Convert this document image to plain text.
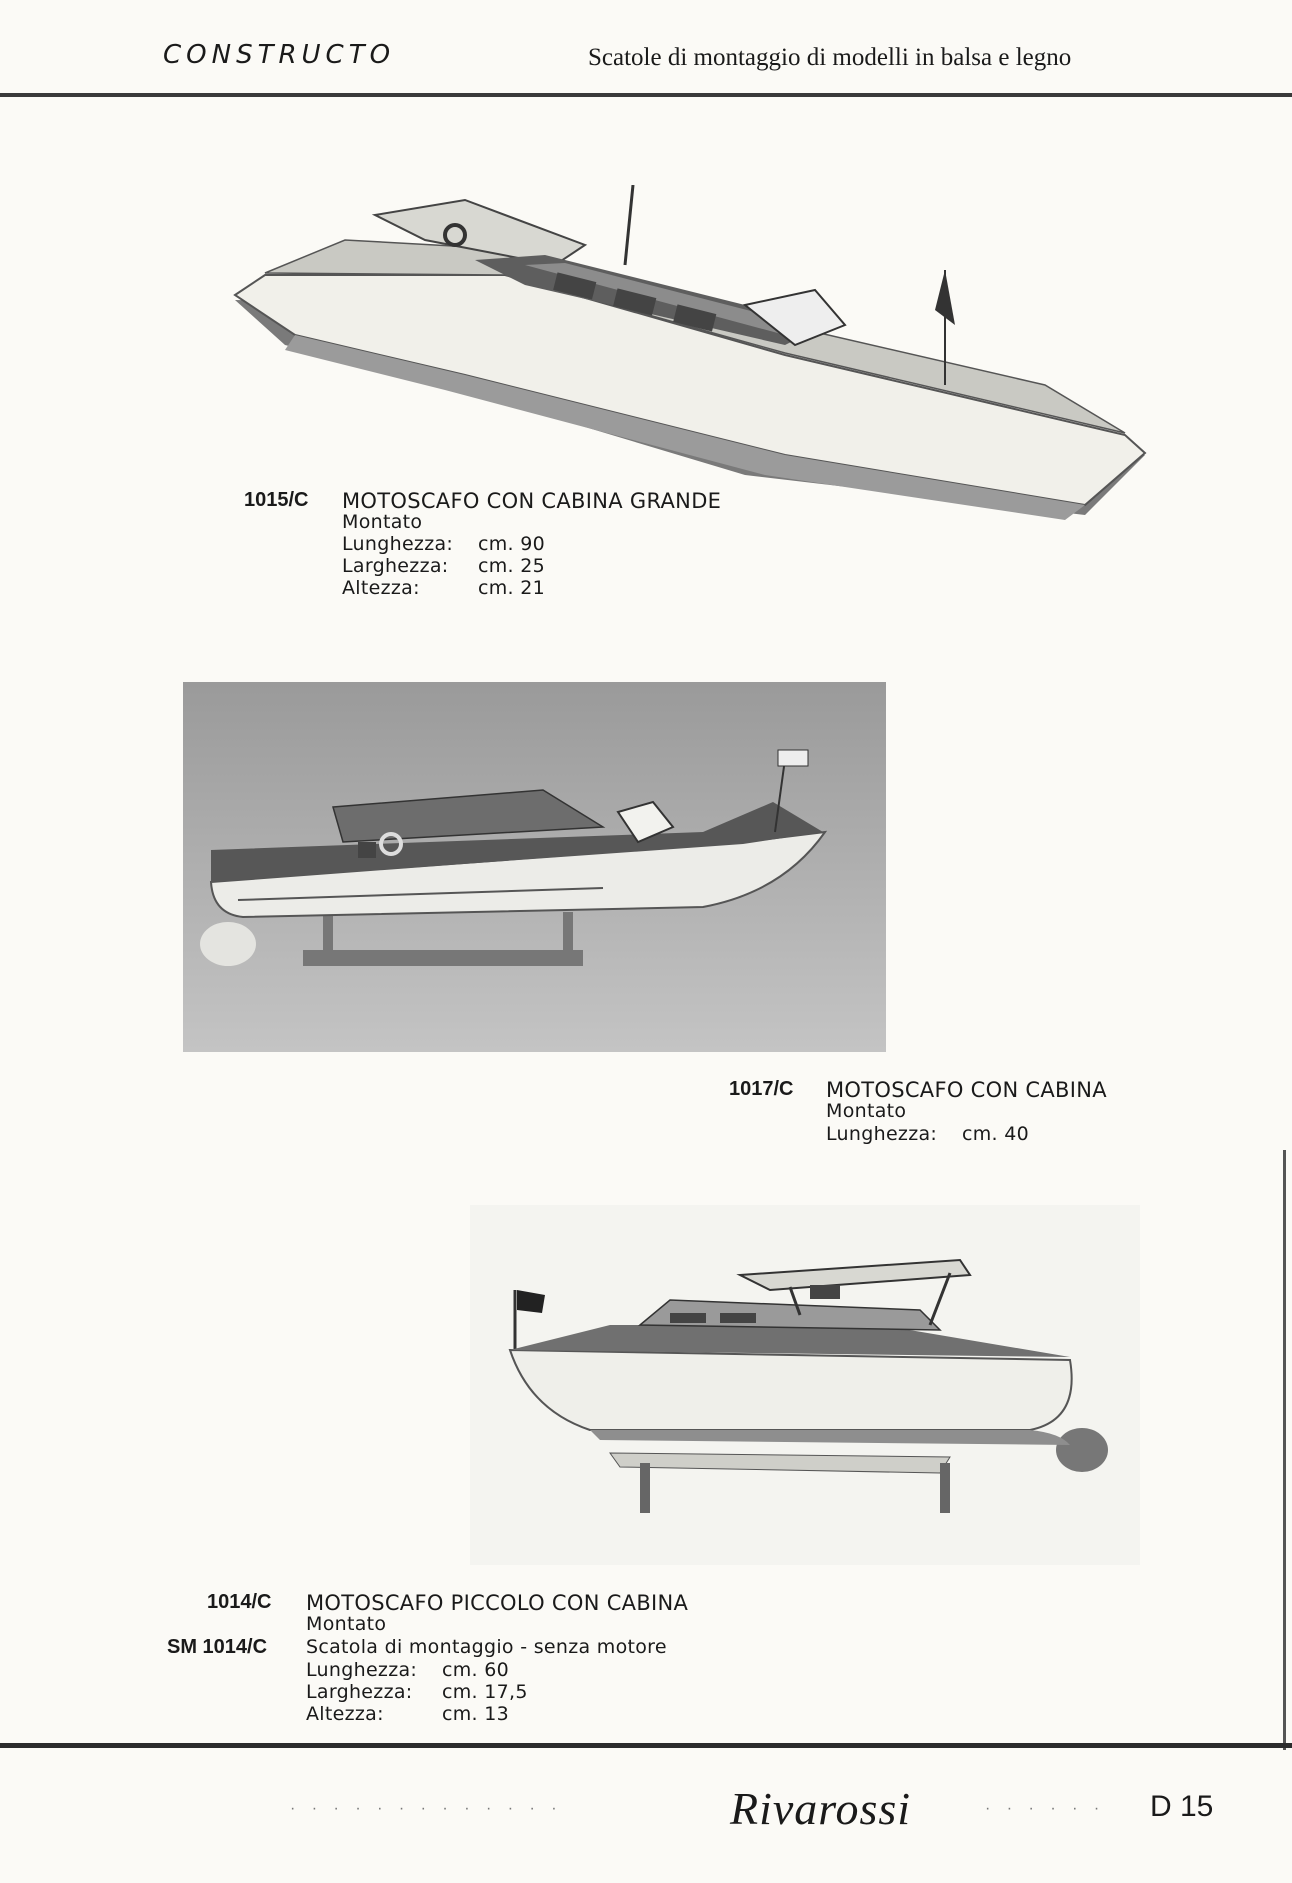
CONSTRUCTO	Scatole di montaggio di modelli in balsa e legno
1015/C MOTOSCAFO CON CABINA GRANDE
Montato
Lunghezza: cm. 90
Larghezza: cm. 25
Altezza:	cm. 21
1017/C MOTOSCAFO CON CABINA
Montato
Lunghezza: cm. 40
1014/C MOTOSCAFO PICCOLO CON CABINA
Montato
SM 1014/C Scatola di montaggio - senza motore
Lunghezza: cm. 60
Larghezza: cm. 17,5
Altezza:	cm. 13
· · · · · · · · · · · · ·	Rivarossi	· · · · · · D 15
